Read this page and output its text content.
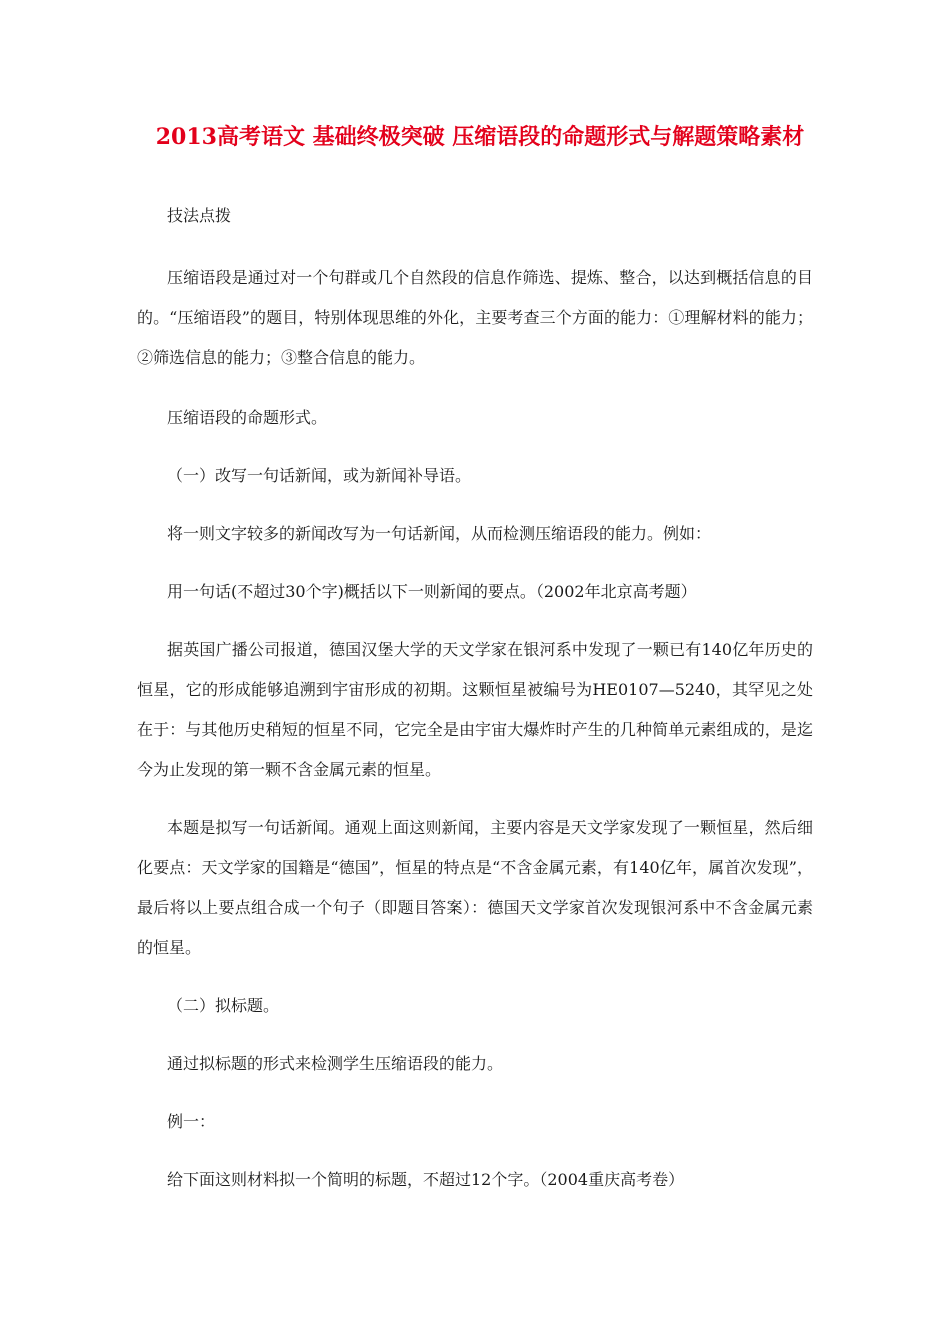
2013高考语文 基础终极突破 压缩语段的命题形式与解题策略素材

技法点拨

压缩语段是通过对一个句群或几个自然段的信息作筛选、提炼、整合，以达到概括信息的目的。“压缩语段”的题目，特别体现思维的外化，主要考查三个方面的能力：①理解材料的能力；②筛选信息的能力；③整合信息的能力。

压缩语段的命题形式。

（一）改写一句话新闻，或为新闻补导语。

将一则文字较多的新闻改写为一句话新闻，从而检测压缩语段的能力。例如：

用一句话(不超过30个字)概括以下一则新闻的要点。（2002年北京高考题）

据英国广播公司报道，德国汉堡大学的天文学家在银河系中发现了一颗已有140亿年历史的恒星，它的形成能够追溯到宇宙形成的初期。这颗恒星被编号为HE0107—5240，其罕见之处在于：与其他历史稍短的恒星不同，它完全是由宇宙大爆炸时产生的几种简单元素组成的，是迄今为止发现的第一颗不含金属元素的恒星。

本题是拟写一句话新闻。通观上面这则新闻，主要内容是天文学家发现了一颗恒星，然后细化要点：天文学家的国籍是“德国”，恒星的特点是“不含金属元素，有140亿年，属首次发现”，最后将以上要点组合成一个句子（即题目答案）：德国天文学家首次发现银河系中不含金属元素的恒星。

（二）拟标题。

通过拟标题的形式来检测学生压缩语段的能力。

例一：

给下面这则材料拟一个简明的标题，不超过12个字。（2004重庆高考卷）
